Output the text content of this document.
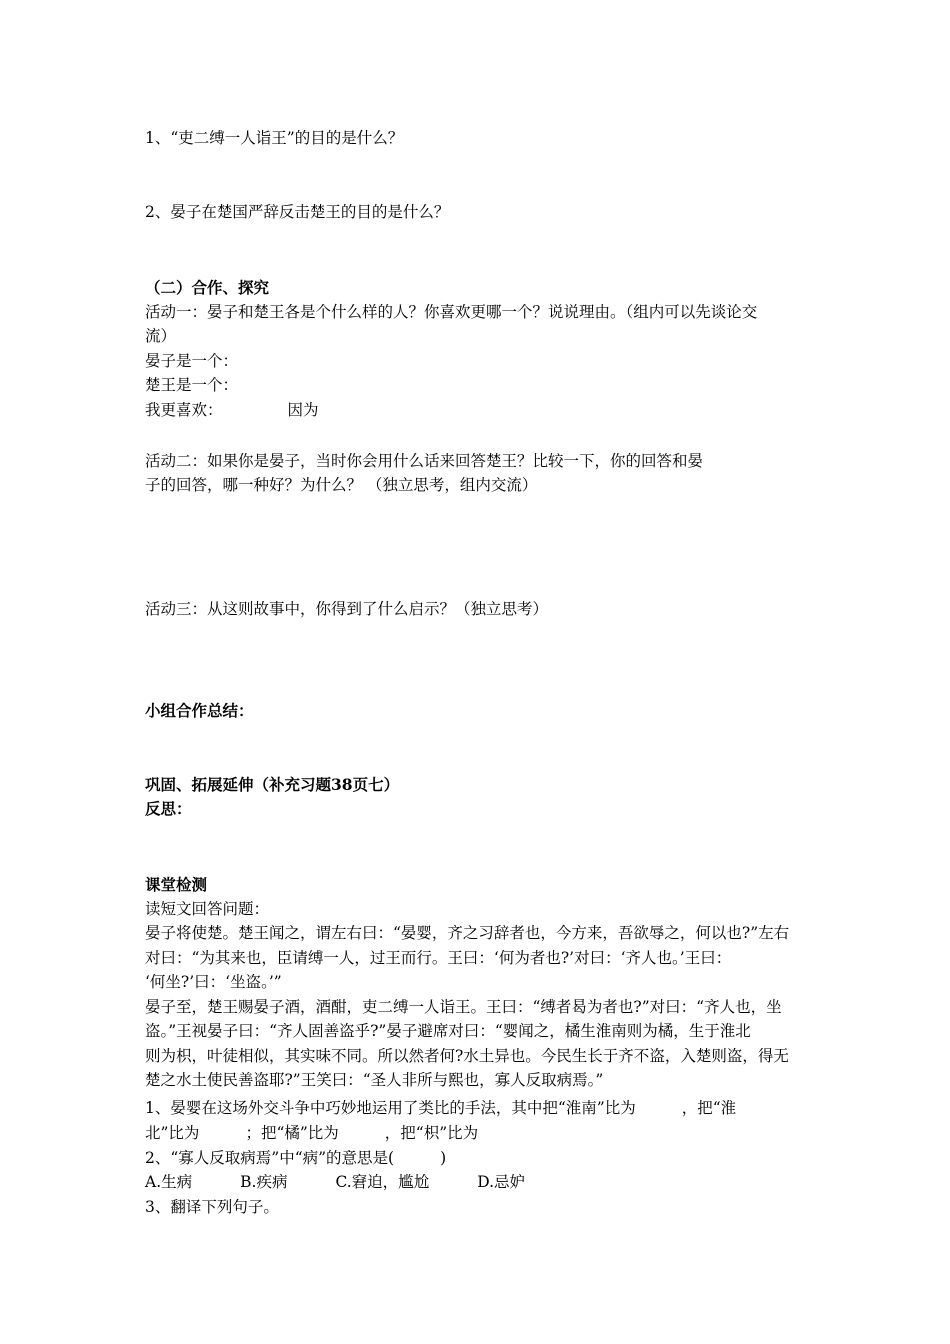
1、“吏二缚一人诣王”的目的是什么？
2、晏子在楚国严辞反击楚王的目的是什么？
（二）合作、探究
活动一：晏子和楚王各是个什么样的人？你喜欢更哪一个？说说理由。（组内可以先谈论交
流）
晏子是一个：
楚王是一个：
我更喜欢：	因为
活动二：如果你是晏子，当时你会用什么话来回答楚王？比较一下，你的回答和晏
子的回答，哪一种好？为什么？ （独立思考，组内交流）
活动三：从这则故事中，你得到了什么启示？（独立思考）
小组合作总结：
巩固、拓展延伸（补充习题38页七）
反思：
课堂检测
读短文回答问题：
晏子将使楚。楚王闻之，谓左右曰：“晏婴，齐之习辞者也，今方来，吾欲辱之，何以也?”左右
对曰：“为其来也，臣请缚一人，过王而行。王曰：‘何为者也?’对曰：‘齐人也。’王曰：
‘何坐?’曰：‘坐盗。’”
晏子至，楚王赐晏子酒，酒酣，吏二缚一人诣王。王曰：“缚者曷为者也?”对曰：“齐人也，坐
盗。”王视晏子曰：“齐人固善盗乎?”晏子避席对曰：“婴闻之，橘生淮南则为橘，生于淮北
则为枳，叶徒相似，其实味不同。所以然者何?水土异也。今民生长于齐不盗，入楚则盗，得无
楚之水土使民善盗耶?”王笑曰：“圣人非所与熙也，寡人反取病焉。”
1、晏婴在这场外交斗争中巧妙地运用了类比的手法，其中把“淮南”比为	，把“淮
北”比为	；把“橘”比为	，把“枳”比为
2、“寡人反取病焉”中“病”的意思是(	)
A.生病	B.疾病	C.窘迫，尴尬	D.忌妒
3、翻译下列句子。
